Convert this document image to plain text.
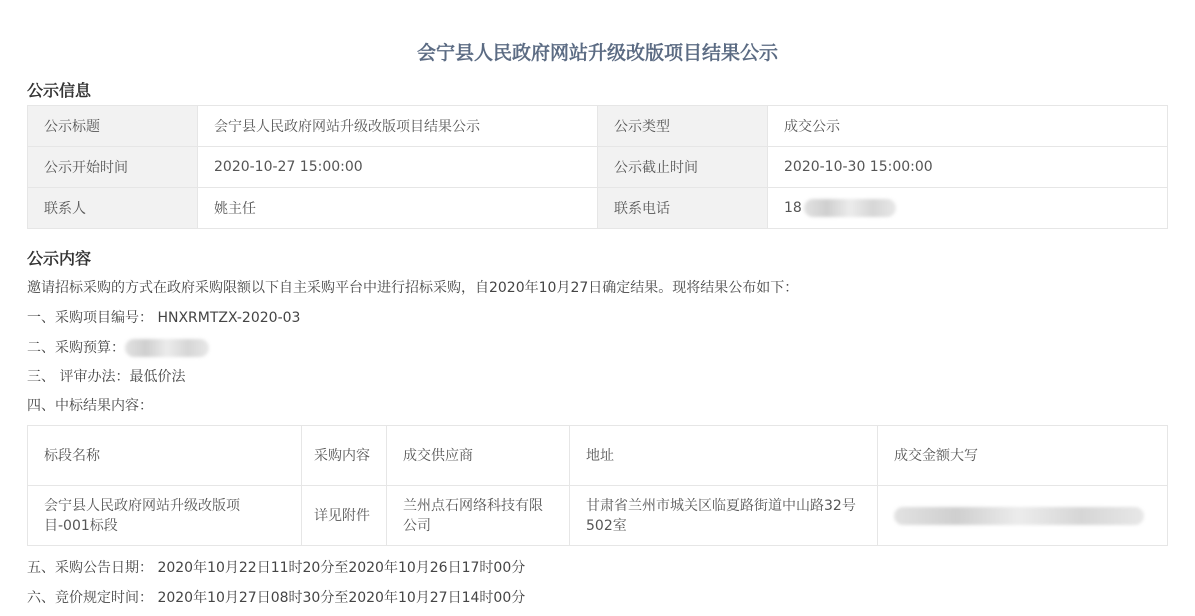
会宁县人民政府网站升级改版项目结果公示
公示信息
公示标题	会宁县人民政府网站升级改版项目结果公示	公示类型	成交公示
公示开始时间	2020-10-27 15:00:00	公示截止时间	2020-10-30 15:00:00
联系人	姚主任	联系电话	18
公示内容
邀请招标采购的方式在政府采购限额以下自主采购平台中进行招标采购，自2020年10月27日确定结果。现将结果公布如下：
一、采购项目编号： HNXRMTZX-2020-03
二、采购预算：
三、 评审办法：最低价法
四、中标结果内容：
标段名称	采购内容	成交供应商	地址	成交金额大写
会宁县人民政府网站升级改版项目-001标段	详见附件	兰州点石网络科技有限公司	甘肃省兰州市城关区临夏路街道中山路32号502室	
五、采购公告日期： 2020年10月22日11时20分至2020年10月26日17时00分
六、竞价规定时间： 2020年10月27日08时30分至2020年10月27日14时00分
